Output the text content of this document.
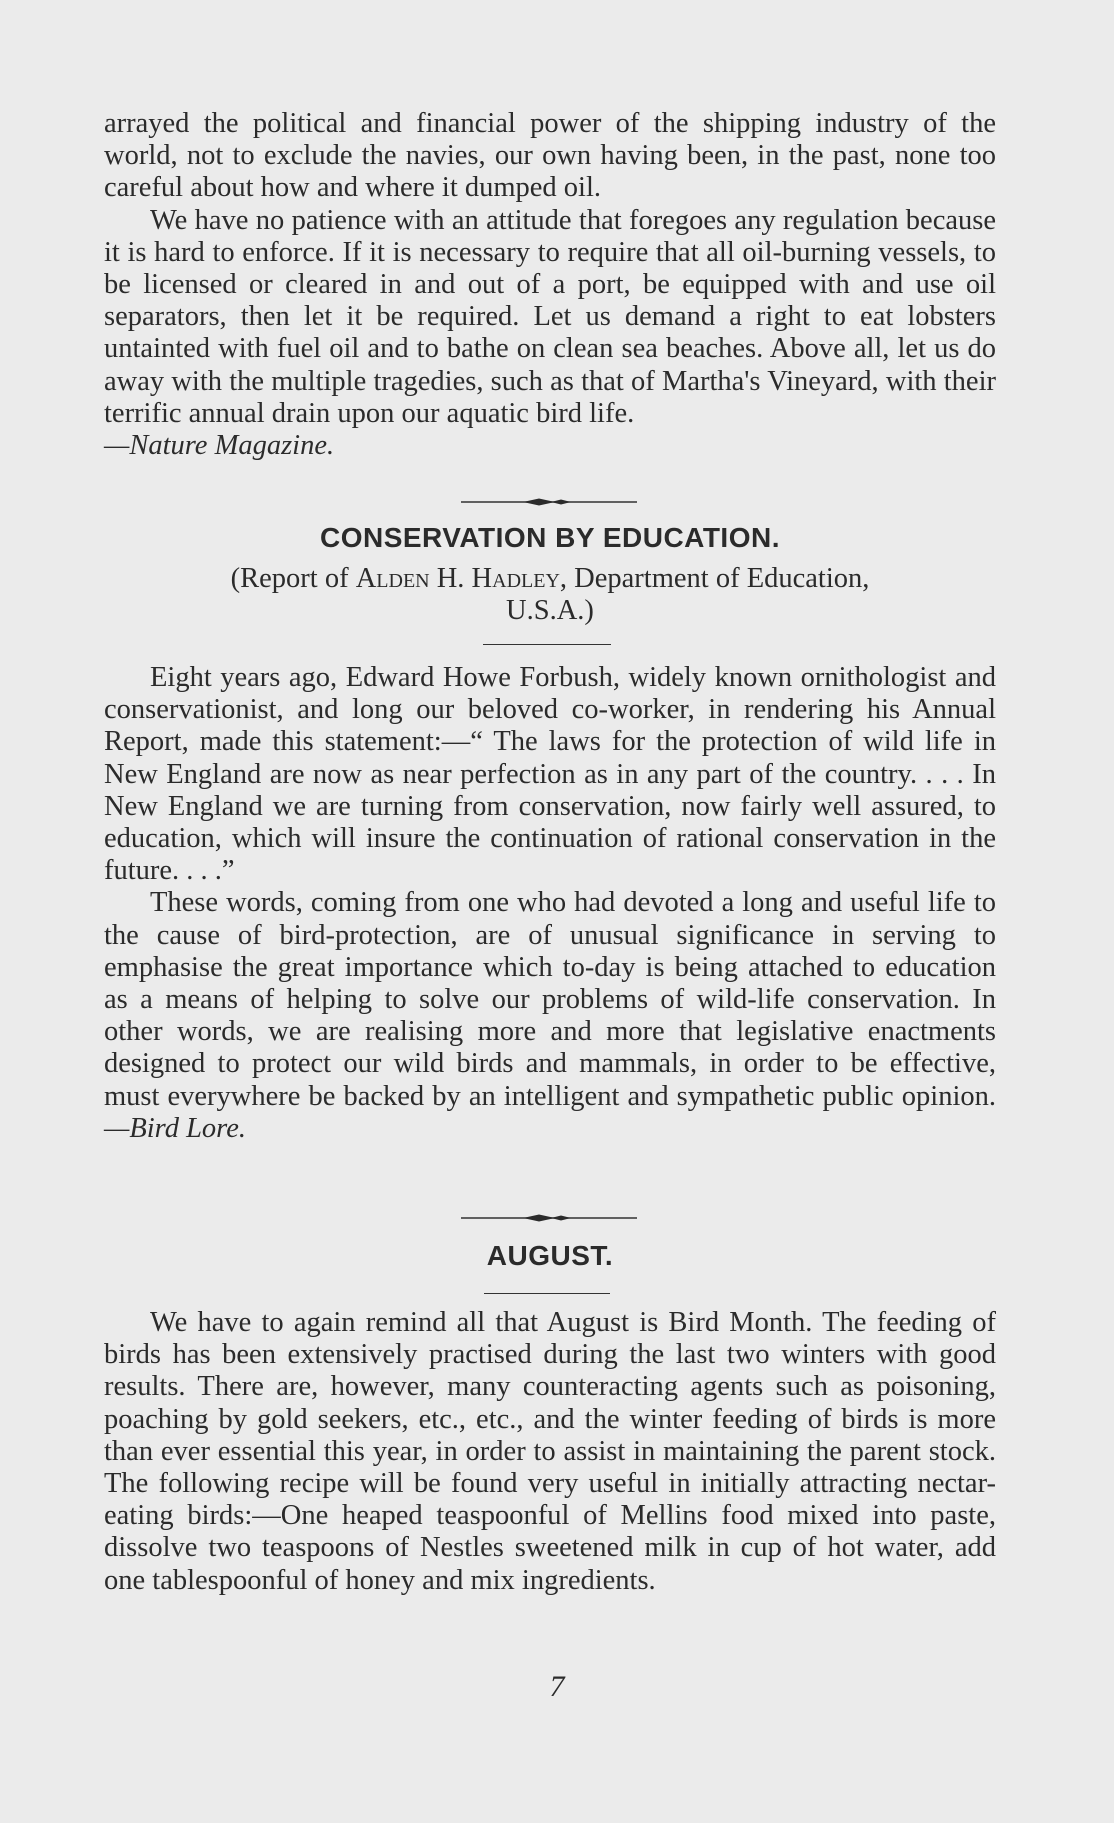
arrayed the political and financial power of the shipping industry of the world, not to exclude the navies, our own having been, in the past, none too careful about how and where it dumped oil.

We have no patience with an attitude that foregoes any regulation because it is hard to enforce. If it is necessary to require that all oil-burning vessels, to be licensed or cleared in and out of a port, be equipped with and use oil separators, then let it be required. Let us demand a right to eat lobsters untainted with fuel oil and to bathe on clean sea beaches. Above all, let us do away with the multiple tragedies, such as that of Martha's Vineyard, with their terrific annual drain upon our aquatic bird life.

—Nature Magazine.

CONSERVATION BY EDUCATION.
(Report of Alden H. Hadley, Department of Education,
U.S.A.)

Eight years ago, Edward Howe Forbush, widely known ornithologist and conservationist, and long our beloved co-worker, in rendering his Annual Report, made this statement:—“ The laws for the protection of wild life in New England are now as near perfection as in any part of the country. . . . In New England we are turning from conservation, now fairly well assured, to education, which will insure the continuation of rational conservation in the future. . . .”

These words, coming from one who had devoted a long and useful life to the cause of bird-protection, are of unusual significance in serving to emphasise the great importance which to-day is being attached to education as a means of helping to solve our problems of wild-life conservation. In other words, we are realising more and more that legislative enactments designed to protect our wild birds and mammals, in order to be effective, must everywhere be backed by an intelligent and sympathetic public opinion.—Bird Lore.

AUGUST.

We have to again remind all that August is Bird Month. The feeding of birds has been extensively practised during the last two winters with good results. There are, however, many counteracting agents such as poisoning, poaching by gold seekers, etc., etc., and the winter feeding of birds is more than ever essential this year, in order to assist in maintaining the parent stock. The following recipe will be found very useful in initially attracting nectar-eating birds:—One heaped teaspoonful of Mellins food mixed into paste, dissolve two teaspoons of Nestles sweetened milk in cup of hot water, add one tablespoonful of honey and mix ingredients.

7
